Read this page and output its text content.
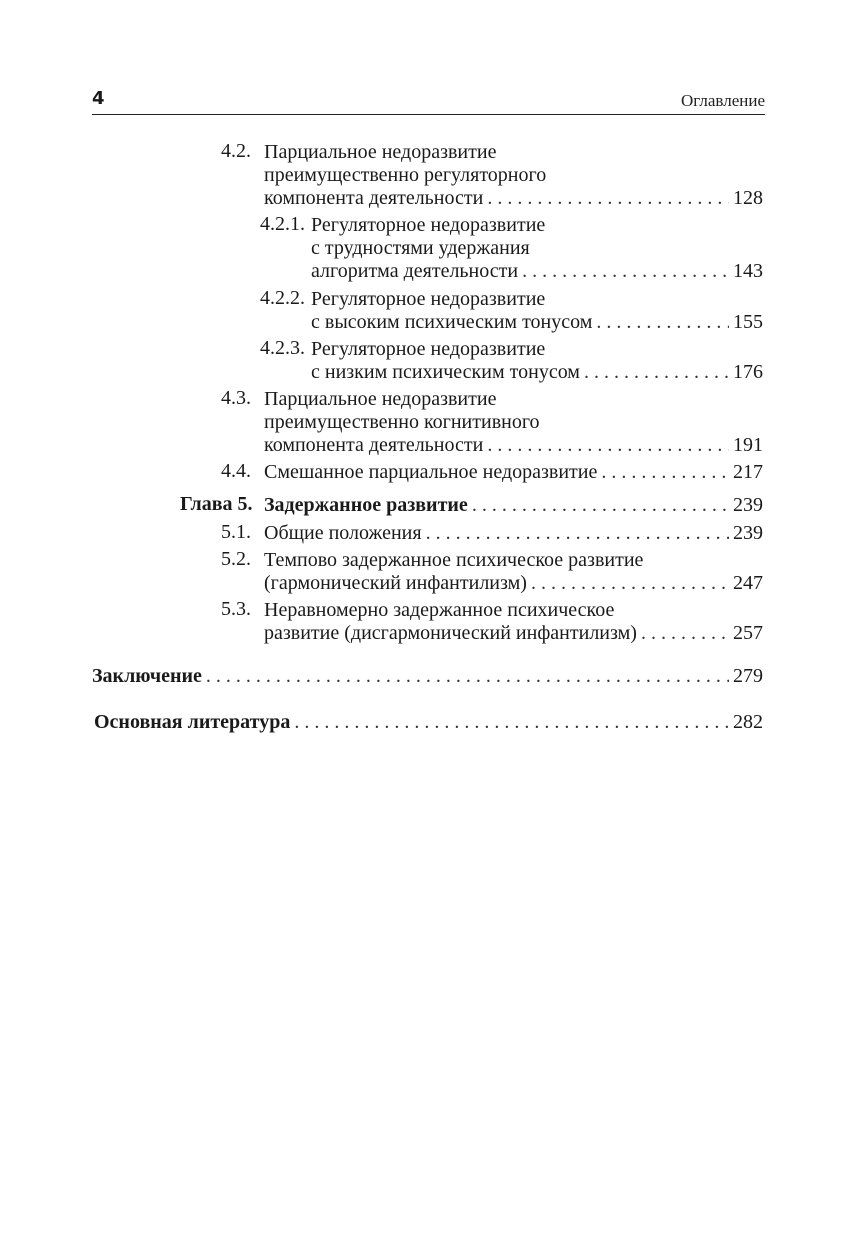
4	Оглавление
4.2. Парциальное недоразвитие
преимущественно регуляторного
компонента деятельности . . .	128
4.2.1. Регуляторное недоразвитие
с трудностями удержания
алгоритма деятельности . . .	143
4.2.2. Регуляторное недоразвитие
с высоким психическим тонусом . . .	155
4.2.3. Регуляторное недоразвитие
с низким психическим тонусом . . .	176
4.3. Парциальное недоразвитие
преимущественно когнитивного
компонента деятельности . . .	191
4.4. Смешанное парциальное недоразвитие . . .	217
Глава 5. Задержанное развитие . . .	239
5.1. Общие положения . . .	239
5.2. Темпово задержанное психическое развитие
(гармонический инфантилизм) . . .	247
5.3. Неравномерно задержанное психическое
развитие (дисгармонический инфантилизм) . . .	257
Заключение . . .	279
Основная литература . . .	282
